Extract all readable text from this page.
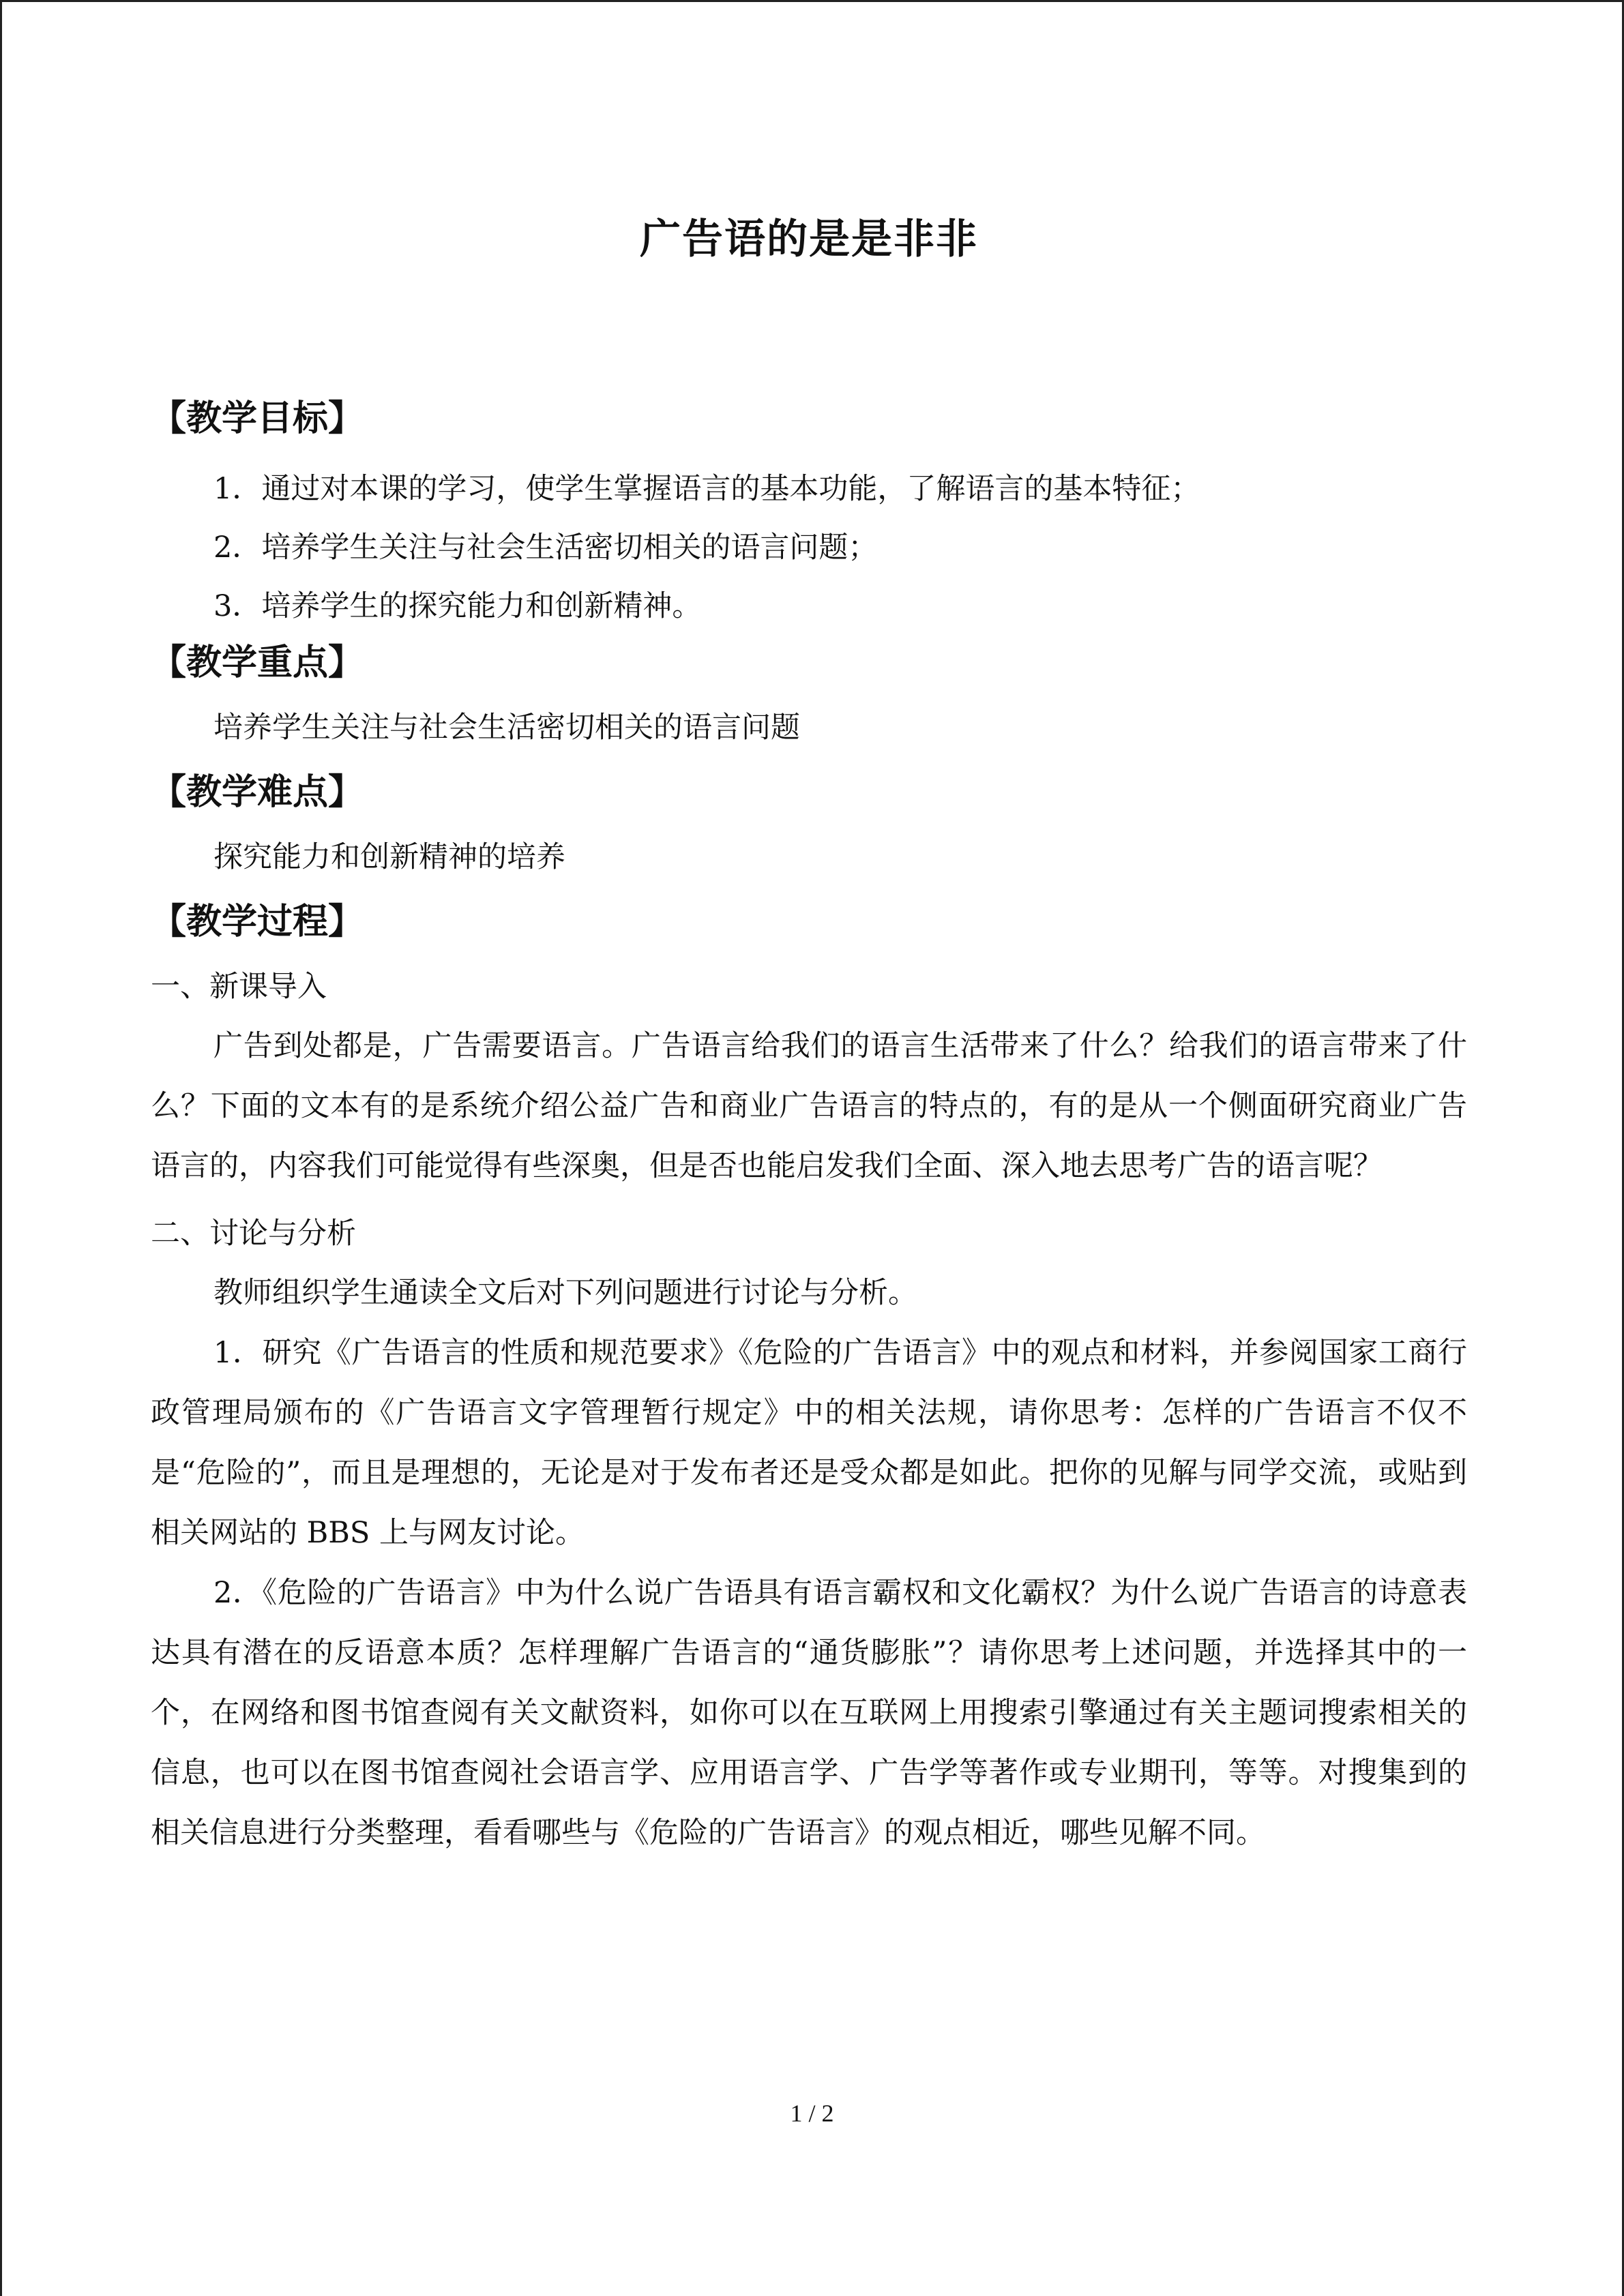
广告语的是是非非
【教学目标】

1．通过对本课的学习，使学生掌握语言的基本功能，了解语言的基本特征；

2．培养学生关注与社会生活密切相关的语言问题；

3．培养学生的探究能力和创新精神。

【教学重点】

培养学生关注与社会生活密切相关的语言问题

【教学难点】

探究能力和创新精神的培养

【教学过程】

一、新课导入

广告到处都是，广告需要语言。广告语言给我们的语言生活带来了什么？给我们的语言带来了什么？下面的文本有的是系统介绍公益广告和商业广告语言的特点的，有的是从一个侧面研究商业广告语言的，内容我们可能觉得有些深奥，但是否也能启发我们全面、深入地去思考广告的语言呢？

二、讨论与分析

教师组织学生通读全文后对下列问题进行讨论与分析。

1．研究《广告语言的性质和规范要求》《危险的广告语言》中的观点和材料，并参阅国家工商行政管理局颁布的《广告语言文字管理暂行规定》中的相关法规，请你思考：怎样的广告语言不仅不是“危险的”，而且是理想的，无论是对于发布者还是受众都是如此。把你的见解与同学交流，或贴到相关网站的 BBS 上与网友讨论。

2．《危险的广告语言》中为什么说广告语具有语言霸权和文化霸权？为什么说广告语言的诗意表达具有潜在的反语意本质？怎样理解广告语言的“通货膨胀”？请你思考上述问题，并选择其中的一个，在网络和图书馆查阅有关文献资料，如你可以在互联网上用搜索引擎通过有关主题词搜索相关的信息，也可以在图书馆查阅社会语言学、应用语言学、广告学等著作或专业期刊，等等。对搜集到的相关信息进行分类整理，看看哪些与《危险的广告语言》的观点相近，哪些见解不同。

1 / 2
